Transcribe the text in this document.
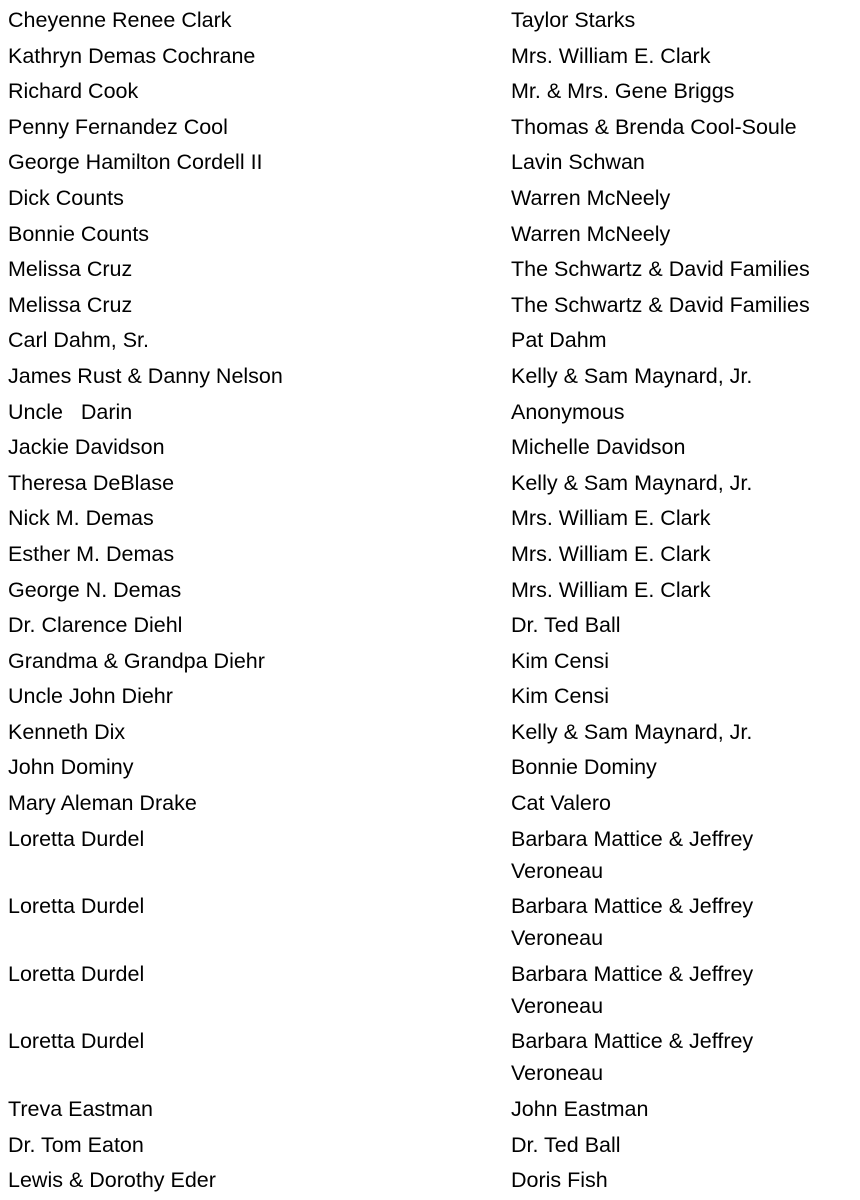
Cheyenne Renee Clark	Taylor Starks
Kathryn Demas Cochrane	Mrs. William E. Clark
Richard Cook	Mr. & Mrs. Gene Briggs
Penny Fernandez Cool	Thomas & Brenda Cool-Soule
George Hamilton Cordell II	Lavin Schwan
Dick Counts	Warren McNeely
Bonnie Counts	Warren McNeely
Melissa Cruz	The Schwartz & David Families
Melissa Cruz	The Schwartz & David Families
Carl Dahm, Sr.	Pat Dahm
James Rust & Danny Nelson	Kelly & Sam Maynard, Jr.
Uncle   Darin	Anonymous
Jackie Davidson	Michelle Davidson
Theresa DeBlase	Kelly & Sam Maynard, Jr.
Nick M. Demas	Mrs. William E. Clark
Esther M. Demas	Mrs. William E. Clark
George N. Demas	Mrs. William E. Clark
Dr. Clarence Diehl	Dr. Ted Ball
Grandma & Grandpa Diehr	Kim Censi
Uncle John Diehr	Kim Censi
Kenneth Dix	Kelly & Sam Maynard, Jr.
John Dominy	Bonnie Dominy
Mary Aleman Drake	Cat Valero
Loretta Durdel	Barbara Mattice & Jeffrey Veroneau
Loretta Durdel	Barbara Mattice & Jeffrey Veroneau
Loretta Durdel	Barbara Mattice & Jeffrey Veroneau
Loretta Durdel	Barbara Mattice & Jeffrey Veroneau
Treva Eastman	John Eastman
Dr. Tom Eaton	Dr. Ted Ball
Lewis & Dorothy Eder	Doris Fish
